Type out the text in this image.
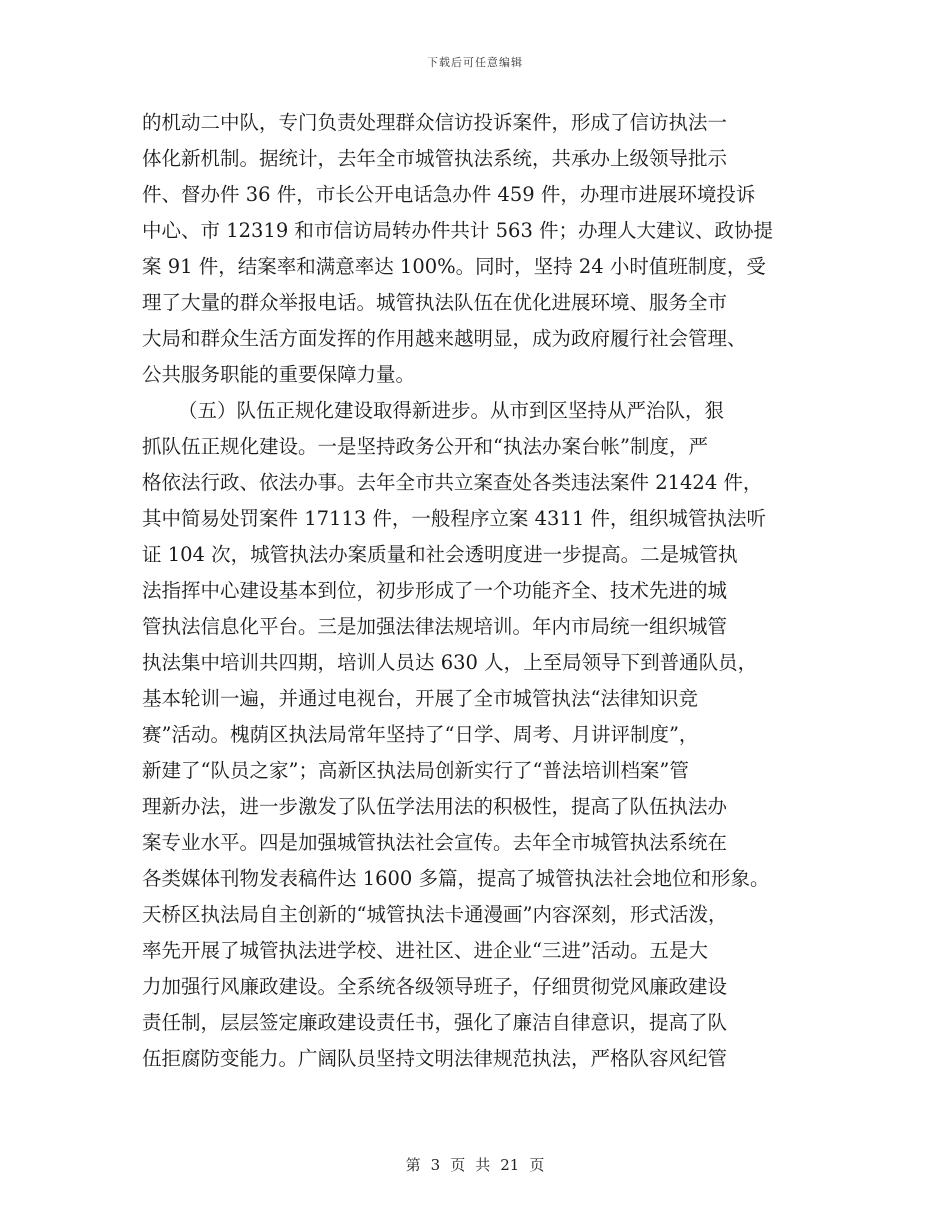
下载后可任意编辑
的机动二中队，专门负责处理群众信访投诉案件，形成了信访执法一
体化新机制。据统计，去年全市城管执法系统，共承办上级领导批示
件、督办件 36 件，市长公开电话急办件 459 件，办理市进展环境投诉
中心、市 12319 和市信访局转办件共计 563 件；办理人大建议、政协提
案 91 件，结案率和满意率达 100%。同时，坚持 24 小时值班制度，受
理了大量的群众举报电话。城管执法队伍在优化进展环境、服务全市
大局和群众生活方面发挥的作用越来越明显，成为政府履行社会管理、
公共服务职能的重要保障力量。
（五）队伍正规化建设取得新进步。从市到区坚持从严治队，狠
抓队伍正规化建设。一是坚持政务公开和“执法办案台帐”制度，严
格依法行政、依法办事。去年全市共立案查处各类违法案件 21424 件，
其中简易处罚案件 17113 件，一般程序立案 4311 件，组织城管执法听
证 104 次，城管执法办案质量和社会透明度进一步提高。二是城管执
法指挥中心建设基本到位，初步形成了一个功能齐全、技术先进的城
管执法信息化平台。三是加强法律法规培训。年内市局统一组织城管
执法集中培训共四期，培训人员达 630 人，上至局领导下到普通队员，
基本轮训一遍，并通过电视台，开展了全市城管执法“法律知识竞
赛”活动。槐荫区执法局常年坚持了“日学、周考、月讲评制度”，
新建了“队员之家”；高新区执法局创新实行了“普法培训档案”管
理新办法，进一步激发了队伍学法用法的积极性，提高了队伍执法办
案专业水平。四是加强城管执法社会宣传。去年全市城管执法系统在
各类媒体刊物发表稿件达 1600 多篇，提高了城管执法社会地位和形象。
天桥区执法局自主创新的“城管执法卡通漫画”内容深刻，形式活泼，
率先开展了城管执法进学校、进社区、进企业“三进”活动。五是大
力加强行风廉政建设。全系统各级领导班子，仔细贯彻党风廉政建设
责任制，层层签定廉政建设责任书，强化了廉洁自律意识，提高了队
伍拒腐防变能力。广阔队员坚持文明法律规范执法，严格队容风纪管
第 3 页 共 21 页
